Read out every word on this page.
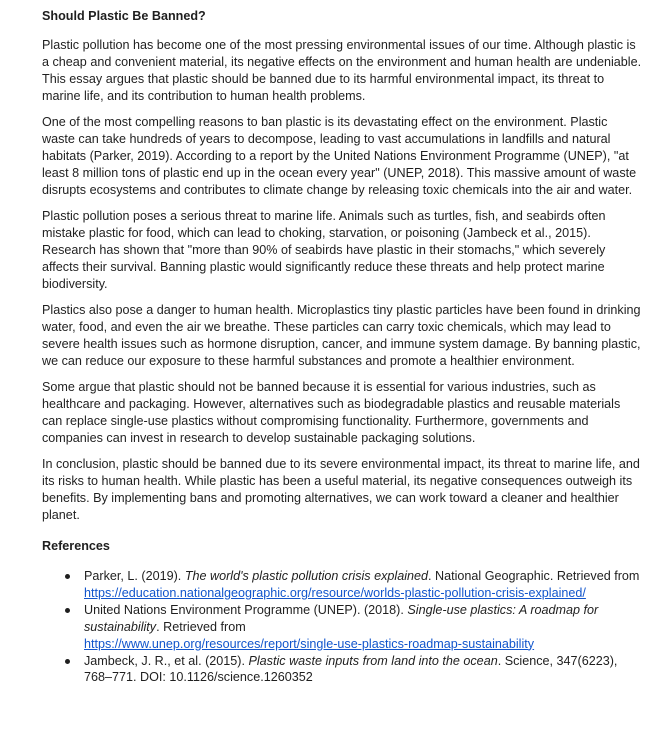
Should Plastic Be Banned?

Plastic pollution has become one of the most pressing environmental issues of our time. Although plastic is a cheap and convenient material, its negative effects on the environment and human health are undeniable. This essay argues that plastic should be banned due to its harmful environmental impact, its threat to marine life, and its contribution to human health problems.

One of the most compelling reasons to ban plastic is its devastating effect on the environment. Plastic waste can take hundreds of years to decompose, leading to vast accumulations in landfills and natural habitats (Parker, 2019). According to a report by the United Nations Environment Programme (UNEP), "at least 8 million tons of plastic end up in the ocean every year" (UNEP, 2018). This massive amount of waste disrupts ecosystems and contributes to climate change by releasing toxic chemicals into the air and water.

Plastic pollution poses a serious threat to marine life. Animals such as turtles, fish, and seabirds often mistake plastic for food, which can lead to choking, starvation, or poisoning (Jambeck et al., 2015). Research has shown that "more than 90% of seabirds have plastic in their stomachs," which severely affects their survival. Banning plastic would significantly reduce these threats and help protect marine biodiversity.

Plastics also pose a danger to human health. Microplastics tiny plastic particles have been found in drinking water, food, and even the air we breathe. These particles can carry toxic chemicals, which may lead to severe health issues such as hormone disruption, cancer, and immune system damage. By banning plastic, we can reduce our exposure to these harmful substances and promote a healthier environment.

Some argue that plastic should not be banned because it is essential for various industries, such as healthcare and packaging. However, alternatives such as biodegradable plastics and reusable materials can replace single-use plastics without compromising functionality. Furthermore, governments and companies can invest in research to develop sustainable packaging solutions.

In conclusion, plastic should be banned due to its severe environmental impact, its threat to marine life, and its risks to human health. While plastic has been a useful material, its negative consequences outweigh its benefits. By implementing bans and promoting alternatives, we can work toward a cleaner and healthier planet.

References
Parker, L. (2019). The world's plastic pollution crisis explained. National Geographic. Retrieved from https://education.nationalgeographic.org/resource/worlds-plastic-pollution-crisis-explained/
United Nations Environment Programme (UNEP). (2018). Single-use plastics: A roadmap for sustainability. Retrieved from
https://www.unep.org/resources/report/single-use-plastics-roadmap-sustainability
Jambeck, J. R., et al. (2015). Plastic waste inputs from land into the ocean. Science, 347(6223), 768–771. DOI: 10.1126/science.1260352
